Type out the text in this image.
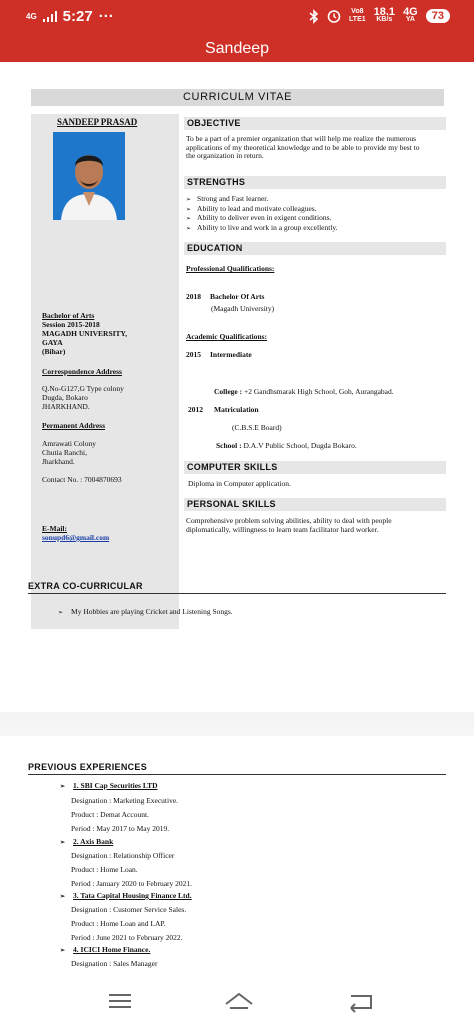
4G 5:27 ···	Vo8
LTE1
18.1
KB/s
4G
YA	73
Sandeep
CURRICULM VITAE
SANDEEP PRASAD
Bachelor of Arts
Session 2015-2018
MAGADH UNIVERSITY,
GAYA
(Bihar)
Correspondence Address
Q.No-G127,G Type colony
Dugda, Bokaro
JHARKHAND.
Permanent Address
Amrawati Colony
Chutia Ranchi,
Jharkhand.
Contact No. : 7004870693
E-Mail:
sonupd6@gmail.com
OBJECTIVE
To be a part of a premier organization that will help me realize the numerous
applications of my theoretical knowledge and to be able to provide my best to
the organization in return.
STRENGTHS
➢ Strong and Fast learner.
➢ Ability to lead and motivate colleagues.
➢ Ability to deliver even in exigent conditions.
➢ Ability to live and work in a group excellently.
EDUCATION
Professional Qualifications:
2018 Bachelor Of Arts
(Magadh University)
Academic Qualifications:
2015 Intermediate
College : +2 Gandhsmarak High School, Goh, Aurangabad.
2012 Matriculation
(C.B.S.E Board)
School : D.A.V Public School, Dugda Bokaro.
COMPUTER SKILLS
Diploma in Computer application.
PERSONAL SKILLS
Comprehensive problem solving abilities, ability to deal with people
diplomatically, willingness to learn team facilitator hard worker.
EXTRA CO-CURRICULAR
➢ My Hobbies are playing Cricket and Listening Songs.
PREVIOUS EXPERIENCES
➢ 1. SBI Cap Securities LTD
Designation : Marketing Executive.
Product : Demat Account.
Period : May 2017 to May 2019.
➢ 2. Axis Bank
Designation : Relationship Officer
Product : Home Loan.
Period : January 2020 to February 2021.
➢ 3. Tata Capital Housing Finance Ltd.
Designation : Customer Service Sales.
Product : Home Loan and LAP.
Period : June 2021 to February 2022.
➢ 4. ICICI Home Finance.
Designation : Sales Manager
